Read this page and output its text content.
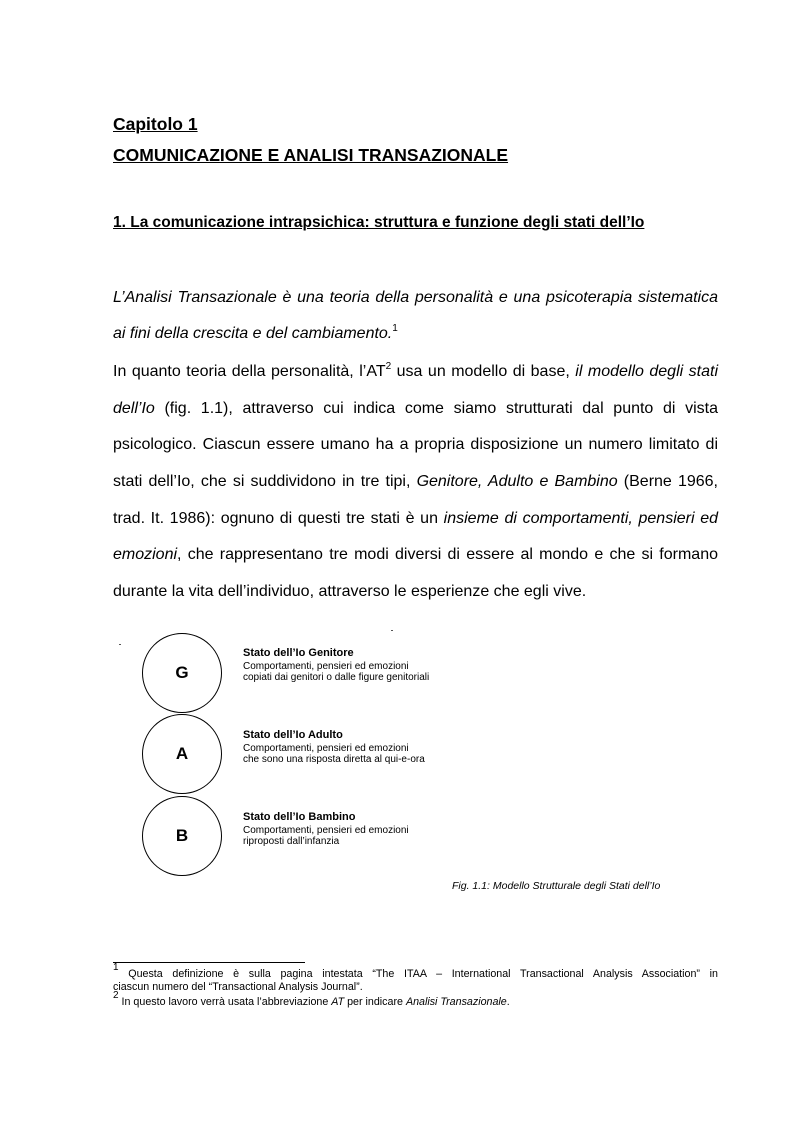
Capitolo 1
COMUNICAZIONE E ANALISI TRANSAZIONALE
1. La comunicazione intrapsichica: struttura e funzione degli stati dell’Io
L’Analisi Transazionale è una teoria della personalità e una psicoterapia sistematica
ai fini della crescita e del cambiamento.$^1$
In quanto teoria della personalità, $l’AT^2$ usa un modello di base, il modello degli stati
dell’Io (fig. 1.1), attraverso cui indica come siamo strutturati dal punto di vista
psicologico. Ciascun essere umano ha a propria disposizione un numero limitato di
stati dell’Io, che si suddividono in tre tipi, Genitore, Adulto e Bambino (Berne 1966,
trad. It. 1986): ognuno di questi tre stati è un insieme di comportamenti, pensieri ed
emozioni, che rappresentano tre modi diversi di essere al mondo e che si formano
durante la vita dell’individuo, attraverso le esperienze che egli vive.
G
A
B
Stato dell’Io Genitore
Comportamenti, pensieri ed emozioni
copiati dai genitori o dalle figure genitoriali
Stato dell’Io Adulto
Comportamenti, pensieri ed emozioni
che sono una risposta diretta al qui-e-ora
Stato dell’Io Bambino
Comportamenti, pensieri ed emozioni
riproposti dall’infanzia
Fig. 1.1: Modello Strutturale degli Stati dell’Io
$^1$ Questa definizione è sulla pagina intestata “The ITAA – International Transactional Analysis Association” in
ciascun numero del “Transactional Analysis Journal”.
$^2$ In questo lavoro verrà usata l’abbreviazione AT per indicare Analisi Transazionale.
